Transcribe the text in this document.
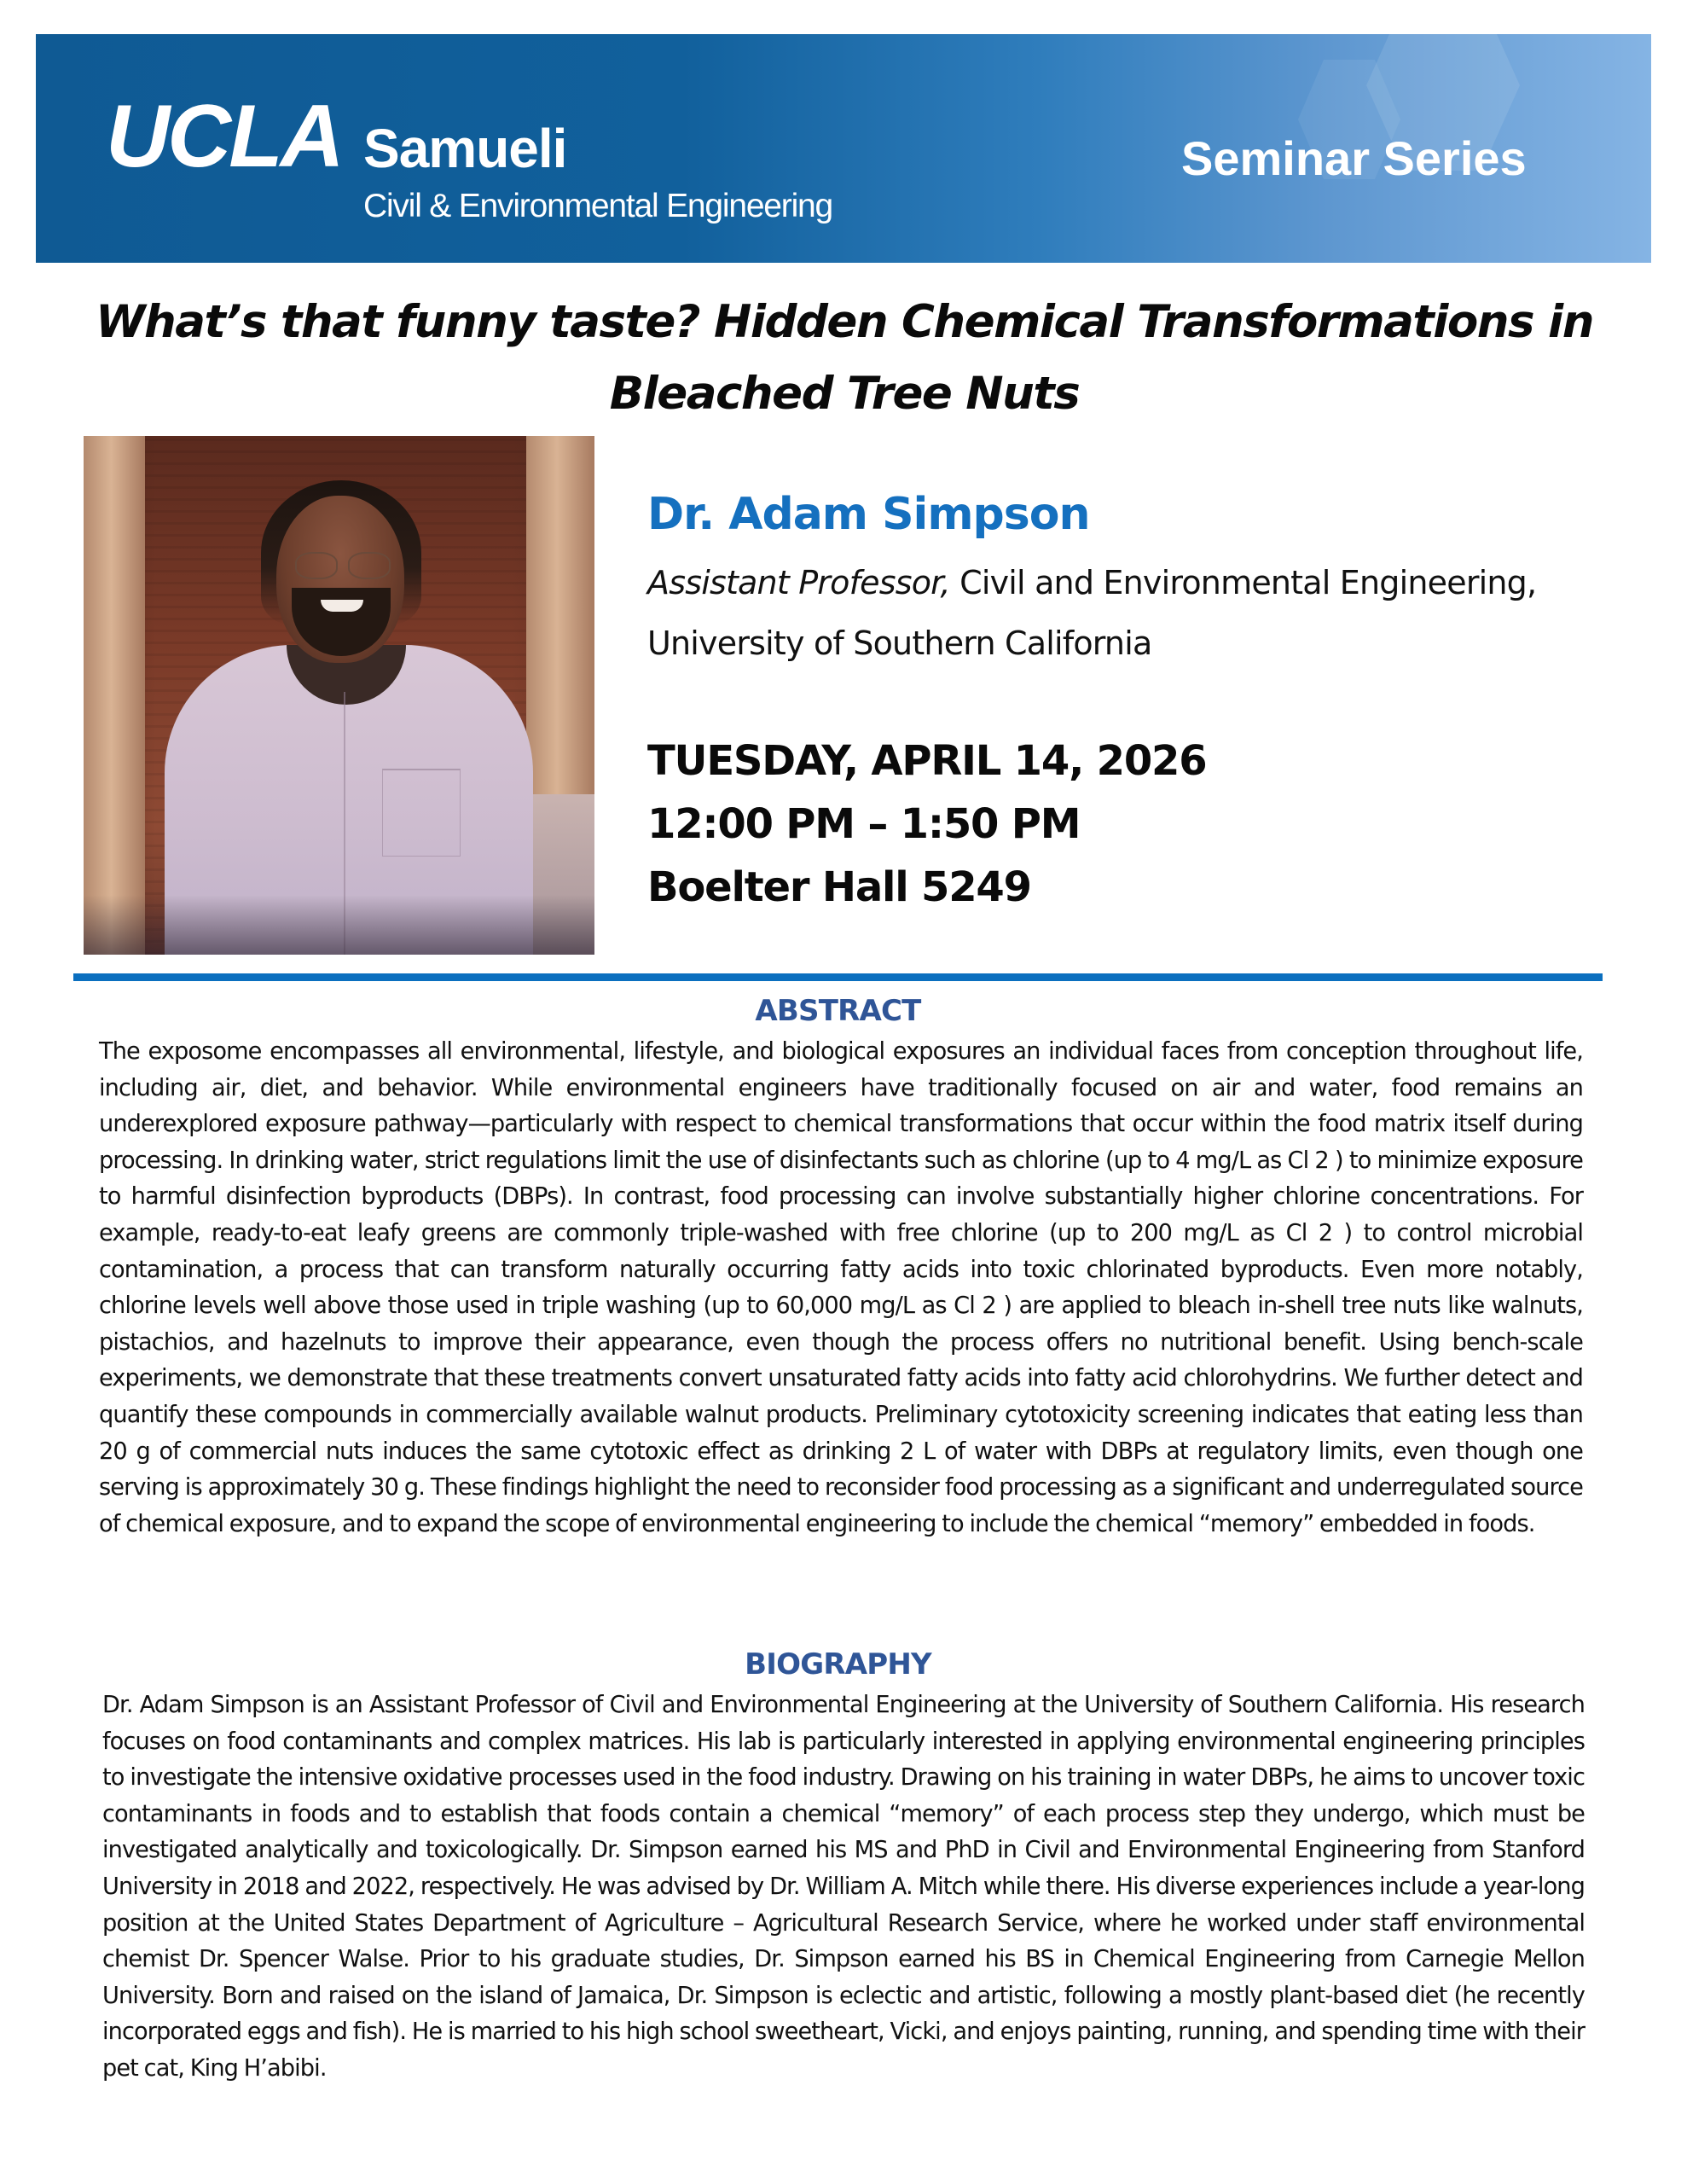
UCLA Samueli
Civil & Environmental Engineering
Seminar Series
What’s that funny taste? Hidden Chemical Transformations in Bleached Tree Nuts
Dr. Adam Simpson
Assistant Professor, Civil and Environmental Engineering, University of Southern California
TUESDAY, APRIL 14, 2026
12:00 PM – 1:50 PM
Boelter Hall 5249
ABSTRACT

The exposome encompasses all environmental, lifestyle, and biological exposures an individual faces from conception throughout life, including air, diet, and behavior. While environmental engineers have traditionally focused on air and water, food remains an underexplored exposure pathway—particularly with respect to chemical transformations that occur within the food matrix itself during processing. In drinking water, strict regulations limit the use of disinfectants such as chlorine (up to 4 mg/L as Cl 2 ) to minimize exposure to harmful disinfection byproducts (DBPs). In contrast, food processing can involve substantially higher chlorine concentrations. For example, ready-to-eat leafy greens are commonly triple-washed with free chlorine (up to 200 mg/L as Cl 2 ) to control microbial contamination, a process that can transform naturally occurring fatty acids into toxic chlorinated byproducts. Even more notably, chlorine levels well above those used in triple washing (up to 60,000 mg/L as Cl 2 ) are applied to bleach in-shell tree nuts like walnuts, pistachios, and hazelnuts to improve their appearance, even though the process offers no nutritional benefit. Using bench-scale experiments, we demonstrate that these treatments convert unsaturated fatty acids into fatty acid chlorohydrins. We further detect and quantify these compounds in commercially available walnut products. Preliminary cytotoxicity screening indicates that eating less than 20 g of commercial nuts induces the same cytotoxic effect as drinking 2 L of water with DBPs at regulatory limits, even though one serving is approximately 30 g. These findings highlight the need to reconsider food processing as a significant and underregulated source of chemical exposure, and to expand the scope of environmental engineering to include the chemical “memory” embedded in foods.

BIOGRAPHY

Dr. Adam Simpson is an Assistant Professor of Civil and Environmental Engineering at the University of Southern California. His research focuses on food contaminants and complex matrices. His lab is particularly interested in applying environmental engineering principles to investigate the intensive oxidative processes used in the food industry. Drawing on his training in water DBPs, he aims to uncover toxic contaminants in foods and to establish that foods contain a chemical “memory” of each process step they undergo, which must be investigated analytically and toxicologically. Dr. Simpson earned his MS and PhD in Civil and Environmental Engineering from Stanford University in 2018 and 2022, respectively. He was advised by Dr. William A. Mitch while there. His diverse experiences include a year-long position at the United States Department of Agriculture – Agricultural Research Service, where he worked under staff environmental chemist Dr. Spencer Walse. Prior to his graduate studies, Dr. Simpson earned his BS in Chemical Engineering from Carnegie Mellon University. Born and raised on the island of Jamaica, Dr. Simpson is eclectic and artistic, following a mostly plant-based diet (he recently incorporated eggs and fish). He is married to his high school sweetheart, Vicki, and enjoys painting, running, and spending time with their pet cat, King H’abibi.
